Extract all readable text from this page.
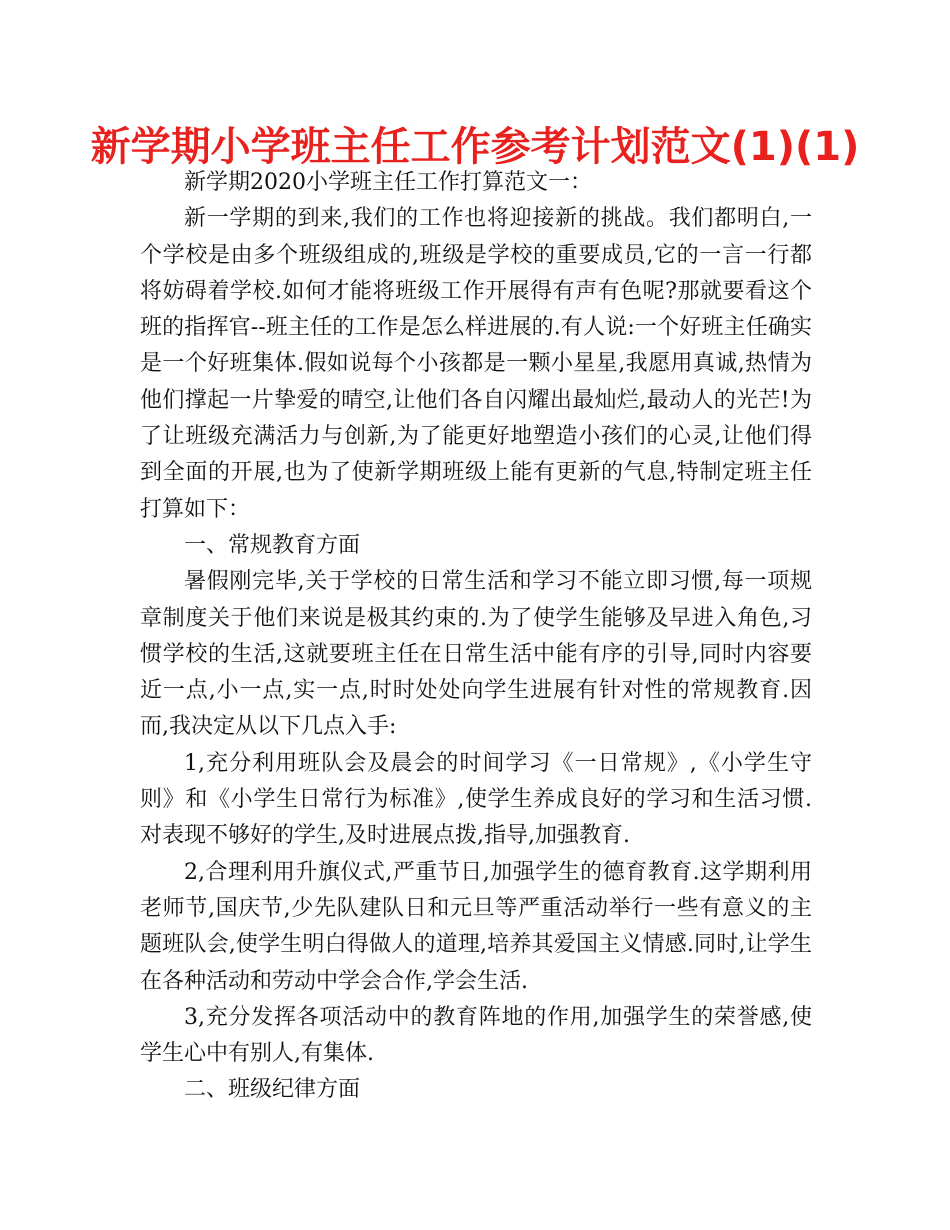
新学期小学班主任工作参考计划范文(1)(1)

新学期2020小学班主任工作打算范文一：

新一学期的到来,我们的工作也将迎接新的挑战。我们都明白,一个学校是由多个班级组成的,班级是学校的重要成员,它的一言一行都将妨碍着学校.如何才能将班级工作开展得有声有色呢?那就要看这个班的指挥官--班主任的工作是怎么样进展的.有人说:一个好班主任确实是一个好班集体.假如说每个小孩都是一颗小星星,我愿用真诚,热情为他们撑起一片挚爱的晴空,让他们各自闪耀出最灿烂,最动人的光芒!为了让班级充满活力与创新,为了能更好地塑造小孩们的心灵,让他们得到全面的开展,也为了使新学期班级上能有更新的气息,特制定班主任打算如下：

一、常规教育方面

暑假刚完毕,关于学校的日常生活和学习不能立即习惯,每一项规章制度关于他们来说是极其约束的.为了使学生能够及早进入角色,习惯学校的生活,这就要班主任在日常生活中能有序的引导,同时内容要近一点,小一点,实一点,时时处处向学生进展有针对性的常规教育.因而,我决定从以下几点入手:

1,充分利用班队会及晨会的时间学习《一日常规》,《小学生守则》和《小学生日常行为标准》,使学生养成良好的学习和生活习惯.对表现不够好的学生,及时进展点拨,指导,加强教育.

2,合理利用升旗仪式,严重节日,加强学生的德育教育.这学期利用老师节,国庆节,少先队建队日和元旦等严重活动举行一些有意义的主题班队会,使学生明白得做人的道理,培养其爱国主义情感.同时,让学生在各种活动和劳动中学会合作,学会生活.

3,充分发挥各项活动中的教育阵地的作用,加强学生的荣誉感,使学生心中有别人,有集体.

二、班级纪律方面
